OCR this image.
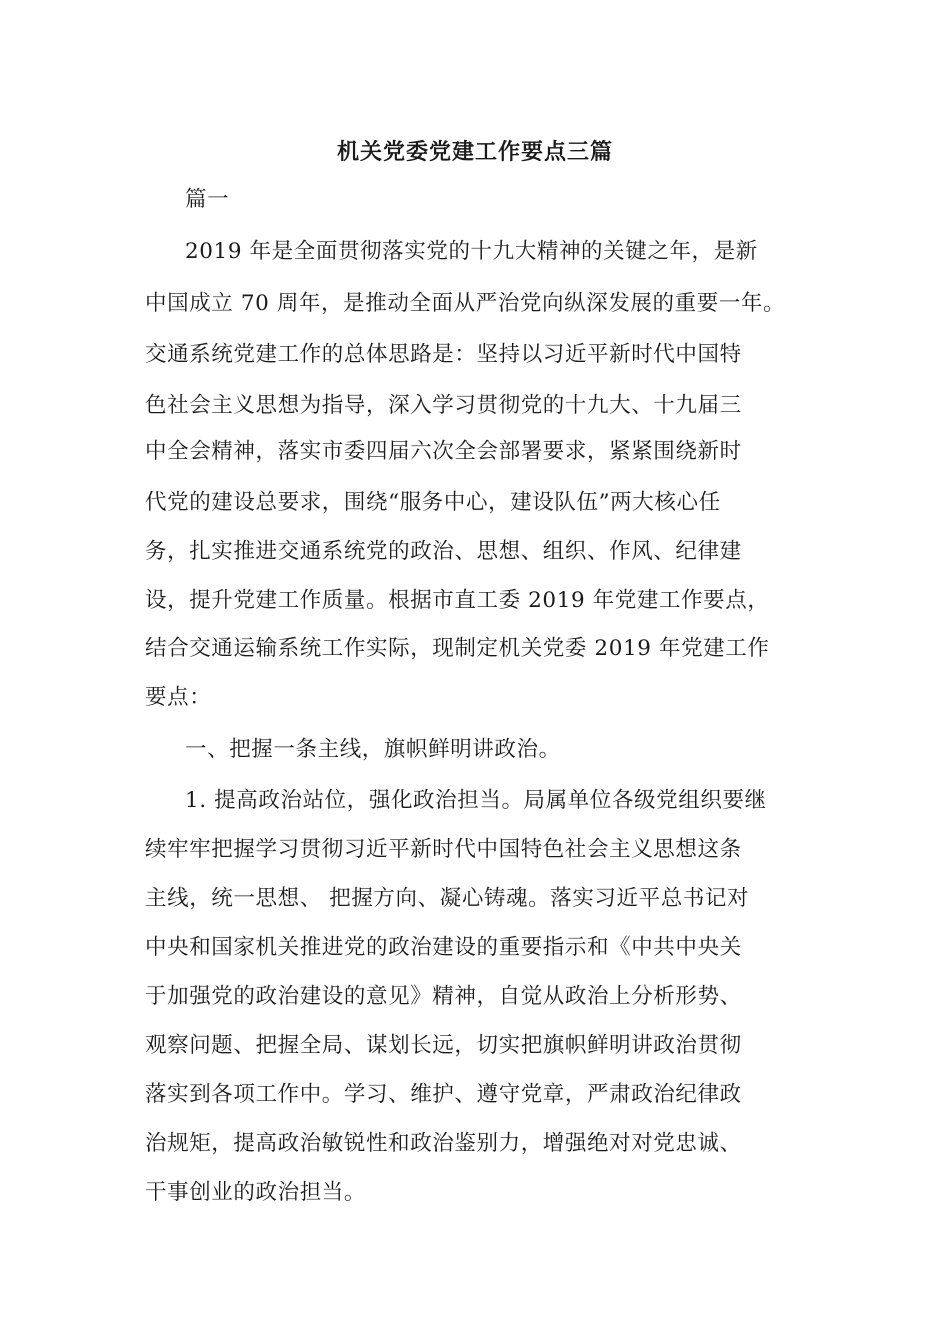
机关党委党建工作要点三篇
篇一
2019 年是全面贯彻落实党的十九大精神的关键之年，是新
中国成立 70 周年，是推动全面从严治党向纵深发展的重要一年。
交通系统党建工作的总体思路是：坚持以习近平新时代中国特
色社会主义思想为指导，深入学习贯彻党的十九大、十九届三
中全会精神，落实市委四届六次全会部署要求，紧紧围绕新时
代党的建设总要求，围绕“服务中心，建设队伍”两大核心任
务，扎实推进交通系统党的政治、思想、组织、作风、纪律建
设，提升党建工作质量。根据市直工委 2019 年党建工作要点，
结合交通运输系统工作实际，现制定机关党委 2019 年党建工作
要点：
一、把握一条主线，旗帜鲜明讲政治。
1. 提高政治站位，强化政治担当。局属单位各级党组织要继
续牢牢把握学习贯彻习近平新时代中国特色社会主义思想这条
主线，统一思想、 把握方向、凝心铸魂。落实习近平总书记对
中央和国家机关推进党的政治建设的重要指示和《中共中央关
于加强党的政治建设的意见》精神，自觉从政治上分析形势、
观察问题、把握全局、谋划长远，切实把旗帜鲜明讲政治贯彻
落实到各项工作中。学习、维护、遵守党章，严肃政治纪律政
治规矩，提高政治敏锐性和政治鉴别力，增强绝对对党忠诚、
干事创业的政治担当。
